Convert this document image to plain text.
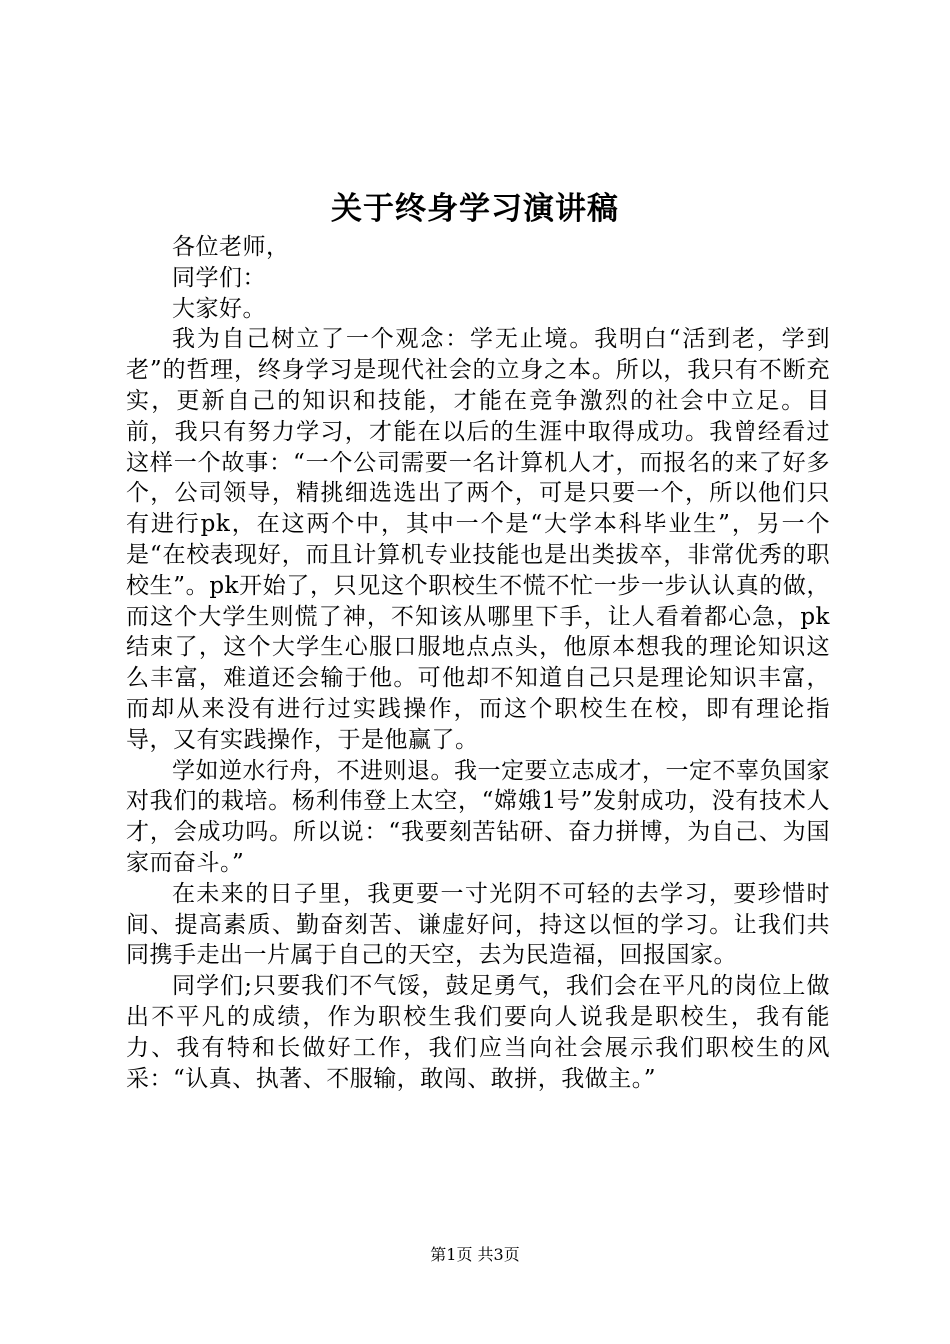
关于终身学习演讲稿

各位老师，

同学们：

大家好。

我为自己树立了一个观念：学无止境。我明白“活到老，学到老”的哲理，终身学习是现代社会的立身之本。所以，我只有不断充实，更新自己的知识和技能，才能在竞争激烈的社会中立足。目前，我只有努力学习，才能在以后的生涯中取得成功。我曾经看过这样一个故事：“一个公司需要一名计算机人才，而报名的来了好多个，公司领导，精挑细选选出了两个，可是只要一个，所以他们只有进行pk，在这两个中，其中一个是“大学本科毕业生”，另一个是“在校表现好，而且计算机专业技能也是出类拔卒，非常优秀的职校生”。pk开始了，只见这个职校生不慌不忙一步一步认认真的做，而这个大学生则慌了神，不知该从哪里下手，让人看着都心急，pk结束了，这个大学生心服口服地点点头，他原本想我的理论知识这么丰富，难道还会输于他。可他却不知道自己只是理论知识丰富，而却从来没有进行过实践操作，而这个职校生在校，即有理论指导，又有实践操作，于是他赢了。

学如逆水行舟，不进则退。我一定要立志成才，一定不辜负国家对我们的栽培。杨利伟登上太空，“嫦娥1号”发射成功，没有技术人才，会成功吗。所以说：“我要刻苦钻研、奋力拼博，为自己、为国家而奋斗。”

在未来的日子里，我更要一寸光阴不可轻的去学习，要珍惜时间、提高素质、勤奋刻苦、谦虚好问，持这以恒的学习。让我们共同携手走出一片属于自己的天空，去为民造福，回报国家。

同学们;只要我们不气馁，鼓足勇气，我们会在平凡的岗位上做出不平凡的成绩，作为职校生我们要向人说我是职校生，我有能力、我有特和长做好工作，我们应当向社会展示我们职校生的风采：“认真、执著、不服输，敢闯、敢拼，我做主。”

第1页 共3页
